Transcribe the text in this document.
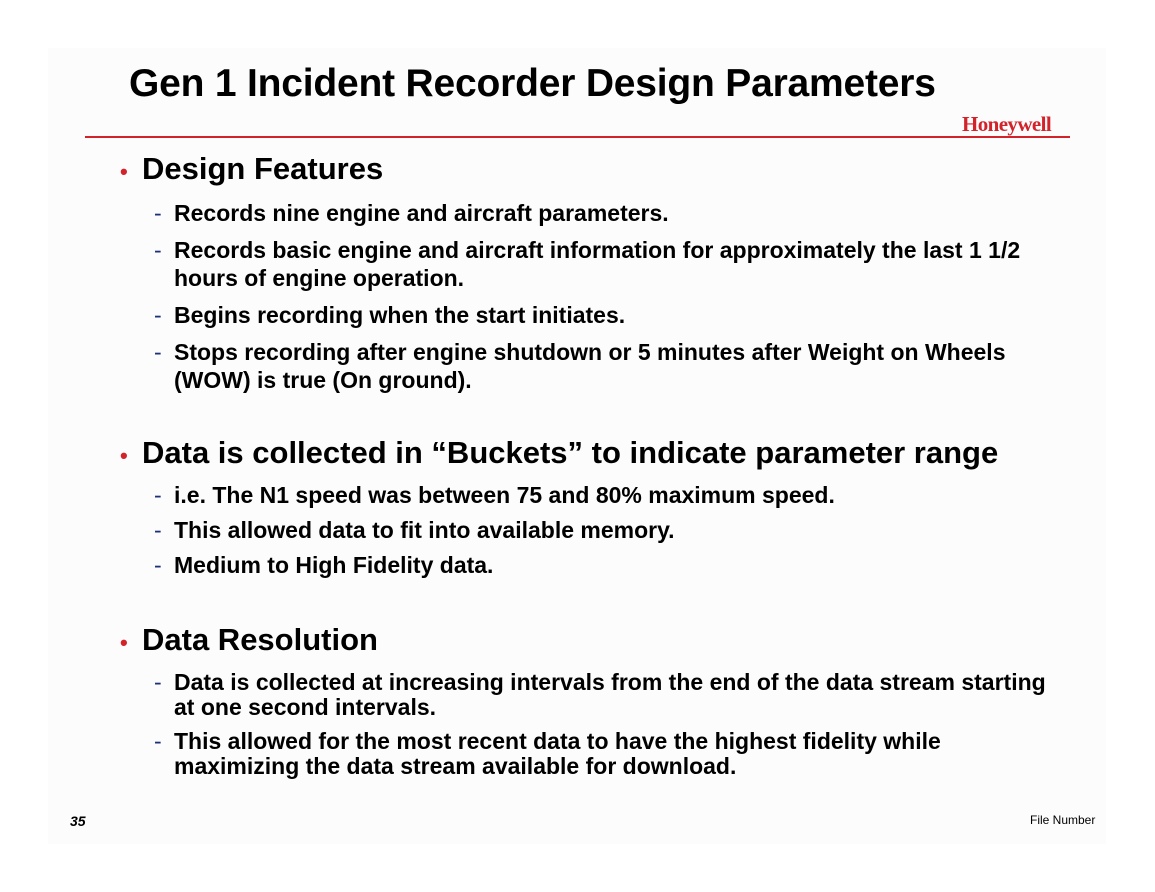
Gen 1 Incident Recorder Design Parameters
Honeywell
• Design Features
- Records nine engine and aircraft parameters.
- Records basic engine and aircraft information for approximately the last 1 1/2 hours of engine operation.
- Begins recording when the start initiates.
- Stops recording after engine shutdown or 5 minutes after Weight on Wheels (WOW) is true (On ground).
• Data is collected in “Buckets” to indicate parameter range
- i.e. The N1 speed was between 75 and 80% maximum speed.
- This allowed data to fit into available memory.
- Medium to High Fidelity data.
• Data Resolution
- Data is collected at increasing intervals from the end of the data stream starting at one second intervals.
- This allowed for the most recent data to have the highest fidelity while maximizing the data stream available for download.
35	File Number
